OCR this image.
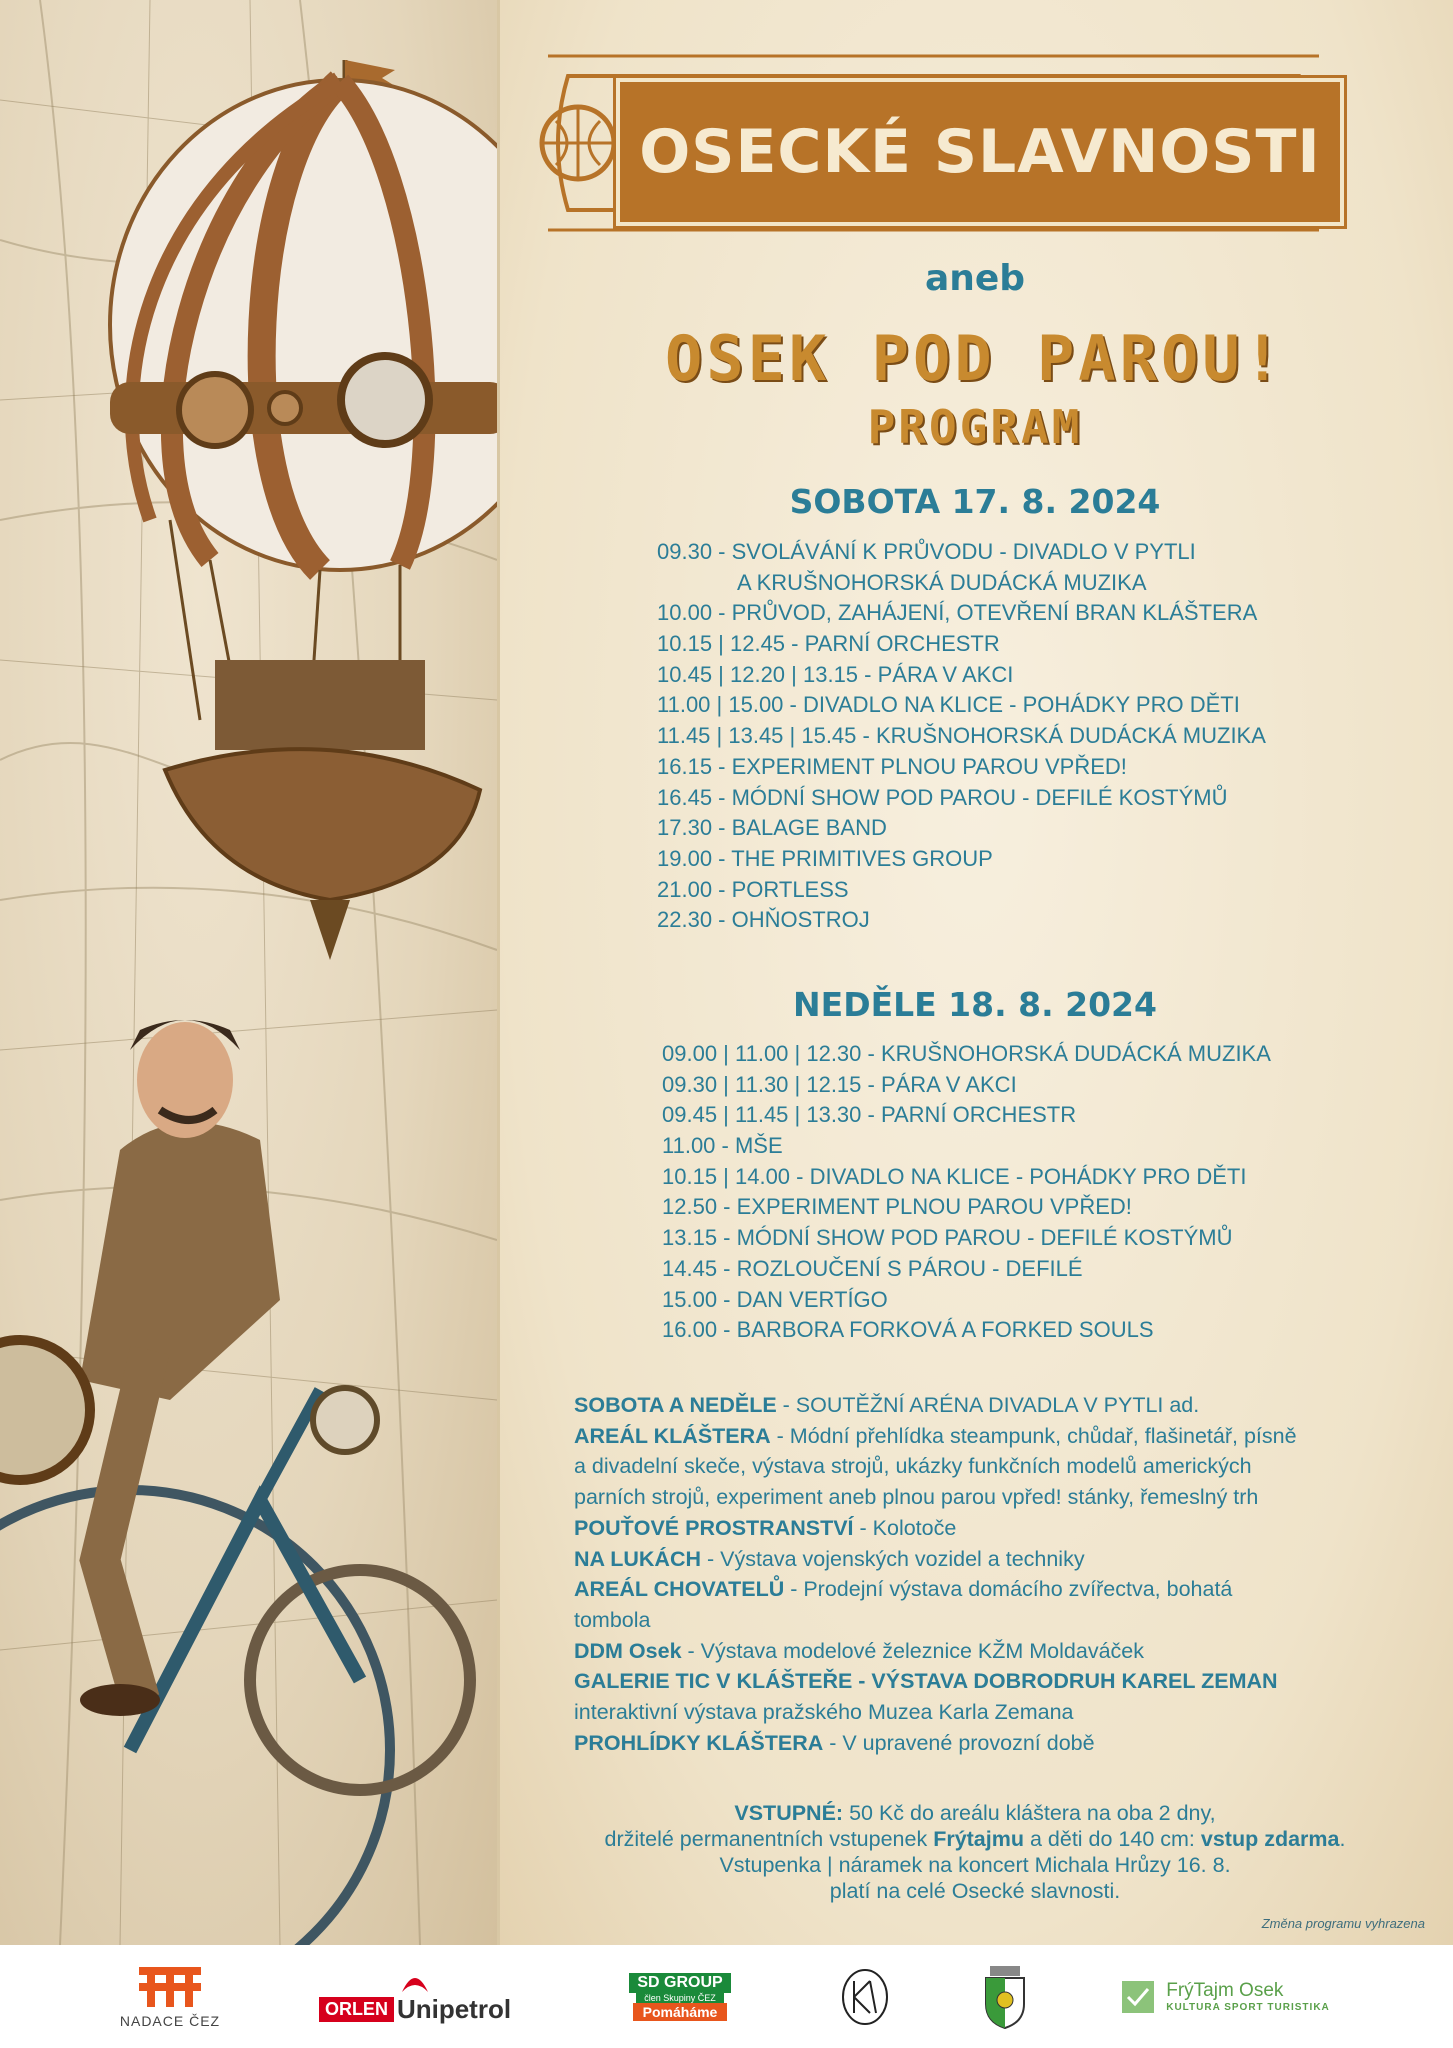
OSECKÉ SLAVNOSTI
aneb
OSEK POD PAROU!
PROGRAM
SOBOTA 17. 8. 2024
09.30 - SVOLÁVÁNÍ K PRŮVODU - DIVADLO V PYTLI
A KRUŠNOHORSKÁ DUDÁCKÁ MUZIKA
10.00 - PRŮVOD, ZAHÁJENÍ, OTEVŘENÍ BRAN KLÁŠTERA
10.15 | 12.45 - PARNÍ ORCHESTR
10.45 | 12.20 | 13.15 - PÁRA V AKCI
11.00 | 15.00 - DIVADLO NA KLICE - POHÁDKY PRO DĚTI
11.45 | 13.45 | 15.45 - KRUŠNOHORSKÁ DUDÁCKÁ MUZIKA
16.15 - EXPERIMENT PLNOU PAROU VPŘED!
16.45 - MÓDNÍ SHOW POD PAROU - DEFILÉ KOSTÝMŮ
17.30 - BALAGE BAND
19.00 - THE PRIMITIVES GROUP
21.00 - PORTLESS
22.30 - OHŇOSTROJ
NEDĚLE 18. 8. 2024
09.00 | 11.00 | 12.30 - KRUŠNOHORSKÁ DUDÁCKÁ MUZIKA
09.30 | 11.30 | 12.15 - PÁRA V AKCI
09.45 | 11.45 | 13.30 - PARNÍ ORCHESTR
11.00 - MŠE
10.15 | 14.00 - DIVADLO NA KLICE - POHÁDKY PRO DĚTI
12.50 - EXPERIMENT PLNOU PAROU VPŘED!
13.15 - MÓDNÍ SHOW POD PAROU - DEFILÉ KOSTÝMŮ
14.45 - ROZLOUČENÍ S PÁROU - DEFILÉ
15.00 - DAN VERTÍGO
16.00 - BARBORA FORKOVÁ A FORKED SOULS
SOBOTA A NEDĚLE - SOUTĚŽNÍ ARÉNA DIVADLA V PYTLI ad.
AREÁL KLÁŠTERA - Módní přehlídka steampunk, chůdař, flašinetář, písně
a divadelní skeče, výstava strojů, ukázky funkčních modelů amerických
parních strojů, experiment aneb plnou parou vpřed! stánky, řemeslný trh
POUŤOVÉ PROSTRANSTVÍ - Kolotoče
NA LUKÁCH - Výstava vojenských vozidel a techniky
AREÁL CHOVATELŮ - Prodejní výstava domácího zvířectva, bohatá
tombola
DDM Osek - Výstava modelové železnice KŽM Moldaváček
GALERIE TIC V KLÁŠTEŘE - VÝSTAVA DOBRODRUH KAREL ZEMAN
interaktivní výstava pražského Muzea Karla Zemana
PROHLÍDKY KLÁŠTERA - V upravené provozní době
VSTUPNÉ: 50 Kč do areálu kláštera na oba 2 dny,
držitelé permanentních vstupenek Frýtajmu a děti do 140 cm: vstup zdarma.
Vstupenka | náramek na koncert Michala Hrůzy 16. 8.
platí na celé Osecké slavnosti.
Změna programu vyhrazena
NADACE ČEZ
ORLEN Unipetrol
SD GROUP
člen Skupiny ČEZ
Pomáháme
FrýTajm Osek
KULTURA SPORT TURISTIKA
